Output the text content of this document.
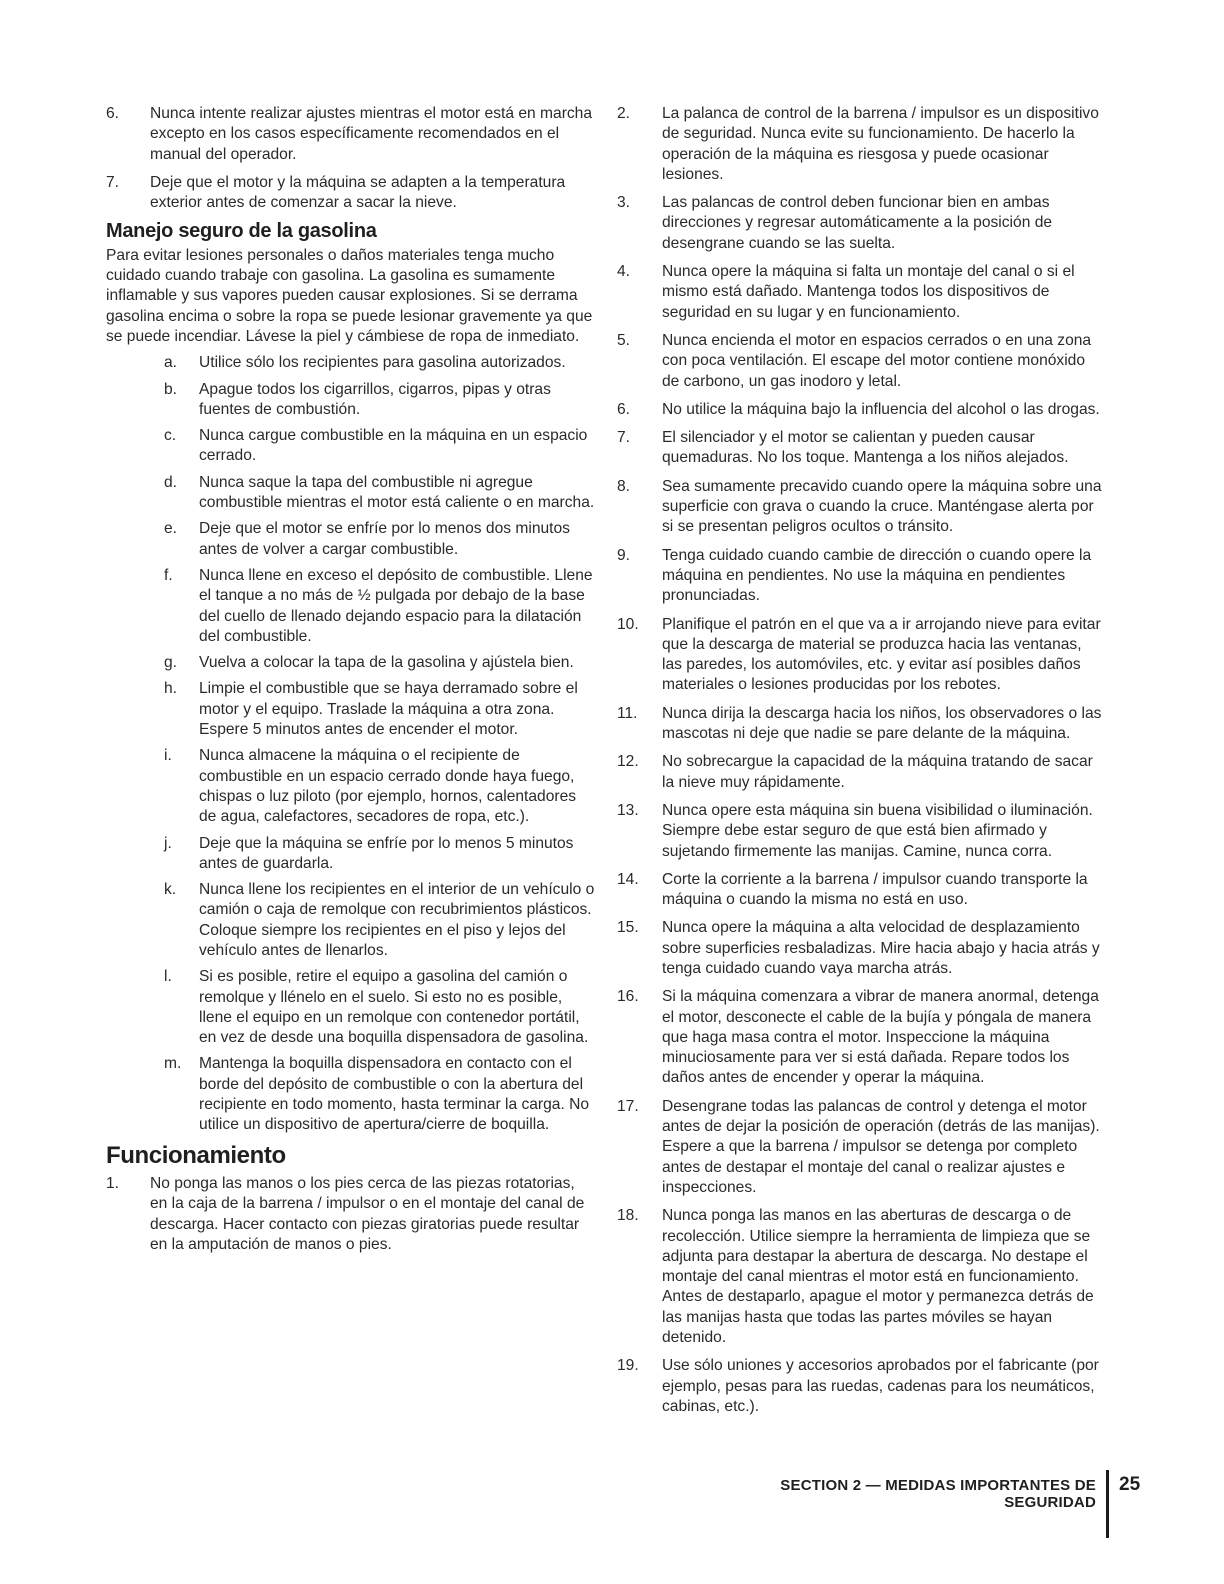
6. Nunca intente realizar ajustes mientras el motor está en marcha excepto en los casos específicamente recomendados en el manual del operador.
7. Deje que el motor y la máquina se adapten a la temperatura exterior antes de comenzar a sacar la nieve.
Manejo seguro de la gasolina

Para evitar lesiones personales o daños materiales tenga mucho cuidado cuando trabaje con gasolina. La gasolina es sumamente inflamable y sus vapores pueden causar explosiones. Si se derrama gasolina encima o sobre la ropa se puede lesionar gravemente ya que se puede incendiar. Lávese la piel y cámbiese de ropa de inmediato.

a. Utilice sólo los recipientes para gasolina autorizados.
b. Apague todos los cigarrillos, cigarros, pipas y otras fuentes de combustión.
c. Nunca cargue combustible en la máquina en un espacio cerrado.
d. Nunca saque la tapa del combustible ni agregue combustible mientras el motor está caliente o en marcha.
e. Deje que el motor se enfríe por lo menos dos minutos antes de volver a cargar combustible.
f. Nunca llene en exceso el depósito de combustible. Llene el tanque a no más de ½ pulgada por debajo de la base del cuello de llenado dejando espacio para la dilatación del combustible.
g. Vuelva a colocar la tapa de la gasolina y ajústela bien.
h. Limpie el combustible que se haya derramado sobre el motor y el equipo. Traslade la máquina a otra zona. Espere 5 minutos antes de encender el motor.
i. Nunca almacene la máquina o el recipiente de combustible en un espacio cerrado donde haya fuego, chispas o luz piloto (por ejemplo, hornos, calentadores de agua, calefactores, secadores de ropa, etc.).
j. Deje que la máquina se enfríe por lo menos 5 minutos antes de guardarla.
k. Nunca llene los recipientes en el interior de un vehículo o camión o caja de remolque con recubrimientos plásticos. Coloque siempre los recipientes en el piso y lejos del vehículo antes de llenarlos.
l. Si es posible, retire el equipo a gasolina del camión o remolque y llénelo en el suelo. Si esto no es posible, llene el equipo en un remolque con contenedor portátil, en vez de desde una boquilla dispensadora de gasolina.
m. Mantenga la boquilla dispensadora en contacto con el borde del depósito de combustible o con la abertura del recipiente en todo momento, hasta terminar la carga. No utilice un dispositivo de apertura/cierre de boquilla.
Funcionamiento
1. No ponga las manos o los pies cerca de las piezas rotatorias, en la caja de la barrena / impulsor o en el montaje del canal de descarga. Hacer contacto con piezas giratorias puede resultar en la amputación de manos o pies.
2. La palanca de control de la barrena / impulsor es un dispositivo de seguridad. Nunca evite su funcionamiento. De hacerlo la operación de la máquina es riesgosa y puede ocasionar lesiones.
3. Las palancas de control deben funcionar bien en ambas direcciones y regresar automáticamente a la posición de desengrane cuando se las suelta.
4. Nunca opere la máquina si falta un montaje del canal o si el mismo está dañado. Mantenga todos los dispositivos de seguridad en su lugar y en funcionamiento.
5. Nunca encienda el motor en espacios cerrados o en una zona con poca ventilación. El escape del motor contiene monóxido de carbono, un gas inodoro y letal.
6. No utilice la máquina bajo la influencia del alcohol o las drogas.
7. El silenciador y el motor se calientan y pueden causar quemaduras. No los toque. Mantenga a los niños alejados.
8. Sea sumamente precavido cuando opere la máquina sobre una superficie con grava o cuando la cruce. Manténgase alerta por si se presentan peligros ocultos o tránsito.
9. Tenga cuidado cuando cambie de dirección o cuando opere la máquina en pendientes. No use la máquina en pendientes pronunciadas.
10. Planifique el patrón en el que va a ir arrojando nieve para evitar que la descarga de material se produzca hacia las ventanas, las paredes, los automóviles, etc. y evitar así posibles daños materiales o lesiones producidas por los rebotes.
11. Nunca dirija la descarga hacia los niños, los observadores o las mascotas ni deje que nadie se pare delante de la máquina.
12. No sobrecargue la capacidad de la máquina tratando de sacar la nieve muy rápidamente.
13. Nunca opere esta máquina sin buena visibilidad o iluminación. Siempre debe estar seguro de que está bien afirmado y sujetando firmemente las manijas. Camine, nunca corra.
14. Corte la corriente a la barrena / impulsor cuando transporte la máquina o cuando la misma no está en uso.
15. Nunca opere la máquina a alta velocidad de desplazamiento sobre superficies resbaladizas. Mire hacia abajo y hacia atrás y tenga cuidado cuando vaya marcha atrás.
16. Si la máquina comenzara a vibrar de manera anormal, detenga el motor, desconecte el cable de la bujía y póngala de manera que haga masa contra el motor. Inspeccione la máquina minuciosamente para ver si está dañada. Repare todos los daños antes de encender y operar la máquina.
17. Desengrane todas las palancas de control y detenga el motor antes de dejar la posición de operación (detrás de las manijas). Espere a que la barrena / impulsor se detenga por completo antes de destapar el montaje del canal o realizar ajustes e inspecciones.
18. Nunca ponga las manos en las aberturas de descarga o de recolección. Utilice siempre la herramienta de limpieza que se adjunta para destapar la abertura de descarga. No destape el montaje del canal mientras el motor está en funcionamiento. Antes de destaparlo, apague el motor y permanezca detrás de las manijas hasta que todas las partes móviles se hayan detenido.
19. Use sólo uniones y accesorios aprobados por el fabricante (por ejemplo, pesas para las ruedas, cadenas para los neumáticos, cabinas, etc.).
SECTION 2 — MEDIDAS IMPORTANTES DE SEGURIDAD
25
